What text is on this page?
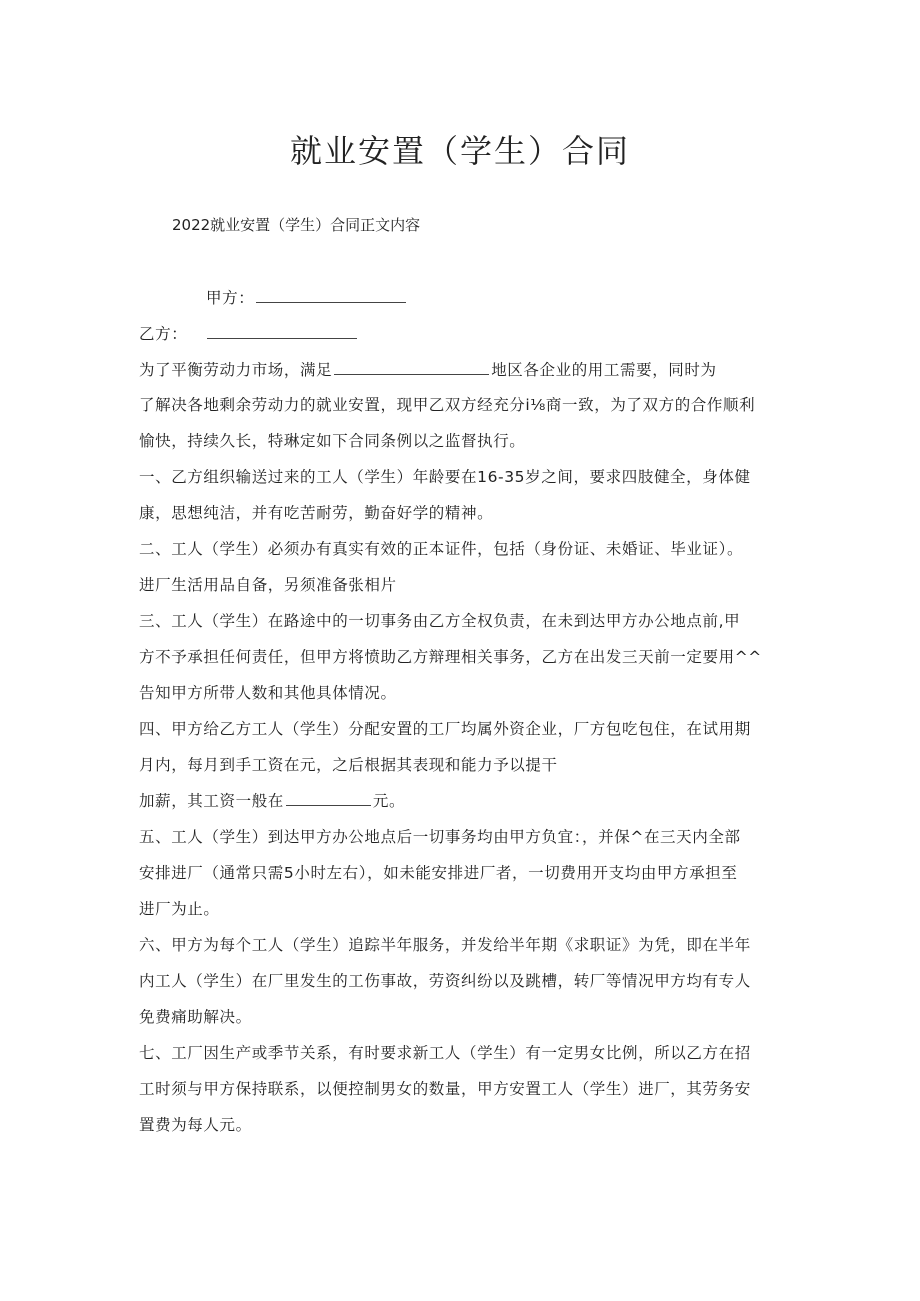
就业安置（学生）合同
2022就业安置（学生）合同正文内容
甲方：
乙方：
为了平衡劳动力市场，满足	地区各企业的用工需要，同时为
了解决各地剩余劳动力的就业安置，现甲乙双方经充分i⅛商一致，为了双方的合作顺利
愉快，持续久长，特琳定如下合同条例以之监督执行。
一、乙方组织输送过来的工人（学生）年龄要在16-35岁之间，要求四肢健全，身体健
康，思想纯洁，并有吃苦耐劳，勤奋好学的精神。
二、工人（学生）必须办有真实有效的正本证件，包括（身份证、未婚证、毕业证）。
进厂生活用品自备，另须准备张相片
三、工人（学生）在路途中的一切事务由乙方全权负责，在未到达甲方办公地点前,甲
方不予承担任何责任，但甲方将愤助乙方辩理相关事务，乙方在出发三天前一定要用^^
告知甲方所带人数和其他具体情况。
四、甲方给乙方工人（学生）分配安置的工厂均属外资企业，厂方包吃包住，在试用期
月内，每月到手工资在元，之后根据其表现和能力予以提干
加薪，其工资一般在	元。
五、工人（学生）到达甲方办公地点后一切事务均由甲方负宜：，并保^在三天内全部
安排进厂（通常只需5小时左右），如未能安排进厂者，一切费用开支均由甲方承担至
进厂为止。
六、甲方为每个工人（学生）追踪半年服务，并发给半年期《求职证》为凭，即在半年
内工人（学生）在厂里发生的工伤事故，劳资纠纷以及跳槽，转厂等情况甲方均有专人
免费痛助解决。
七、工厂因生产或季节关系，有时要求新工人（学生）有一定男女比例，所以乙方在招
工时须与甲方保持联系，以便控制男女的数量，甲方安置工人（学生）进厂，其劳务安
置费为每人元。
